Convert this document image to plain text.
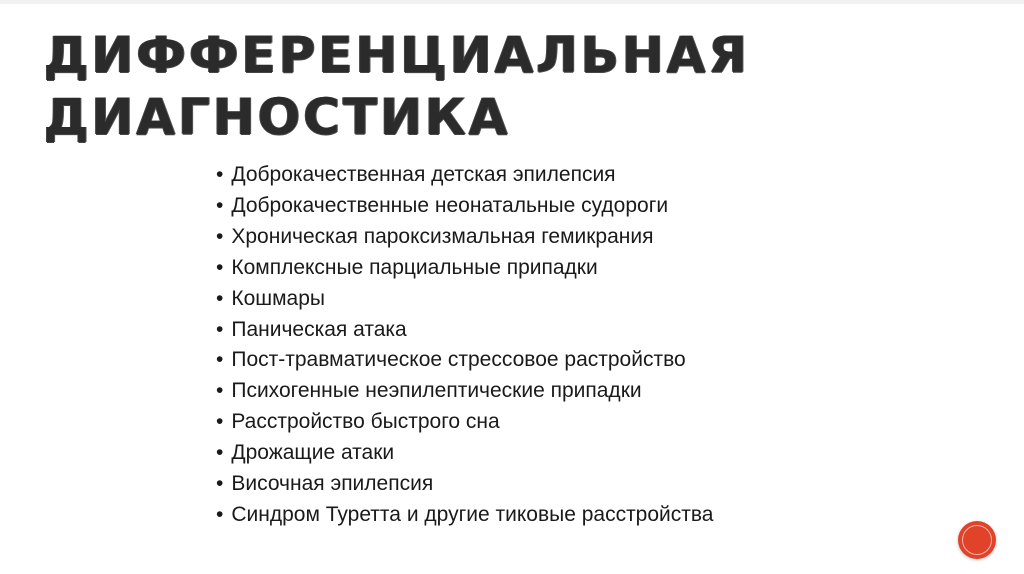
ДИФФЕРЕНЦИАЛЬНАЯ
ДИАГНОСТИКА
• Доброкачественная детская эпилепсия
• Доброкачественные неонатальные судороги
• Хроническая пароксизмальная гемикрания
• Комплексные парциальные припадки
• Кошмары
• Паническая атака
• Пост-травматическое стрессовое растройство
• Психогенные неэпилептические припадки
• Расстройство быстрого сна
• Дрожащие атаки
• Височная эпилепсия
• Синдром Туретта и другие тиковые расстройства
